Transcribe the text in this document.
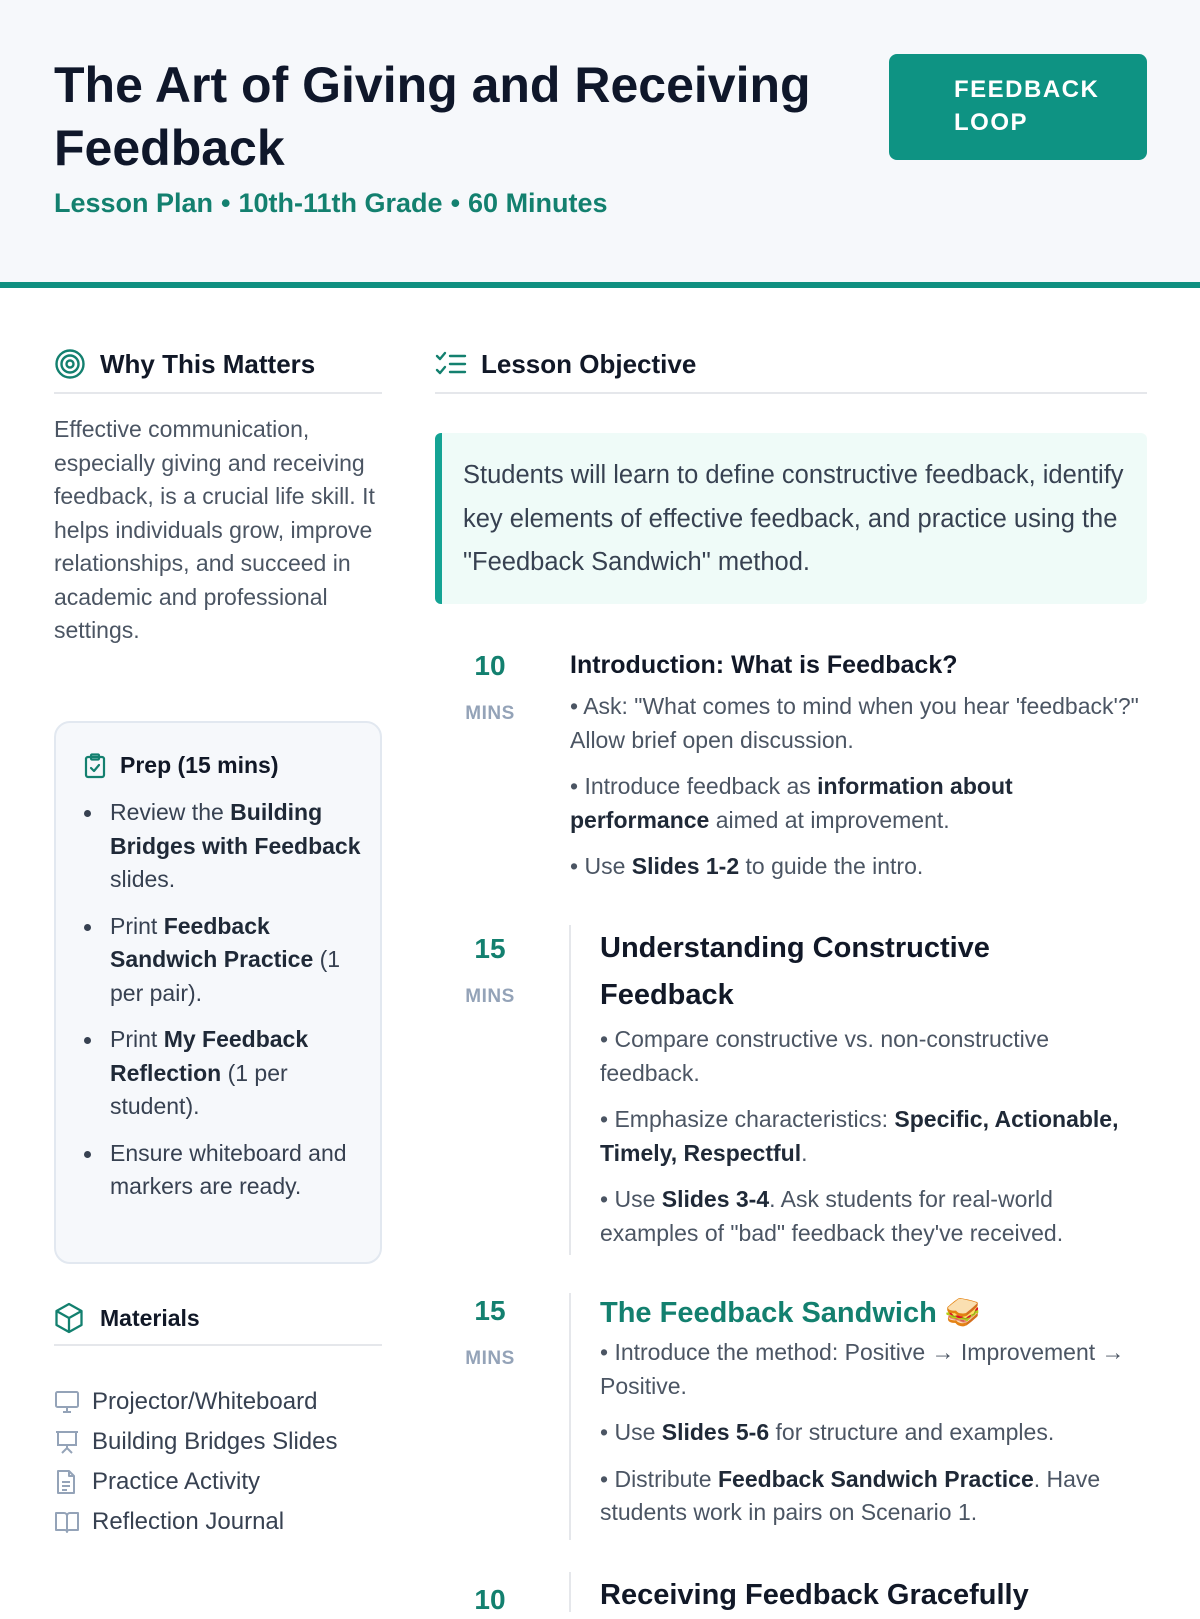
The Art of Giving and Receiving Feedback
Lesson Plan • 10th-11th Grade • 60 Minutes
FEEDBACK
LOOP
Why This Matters

Effective communication, especially giving and receiving feedback, is a crucial life skill. It helps individuals grow, improve relationships, and succeed in academic and professional settings.

Prep (15 mins)
Review the Building Bridges with Feedback slides.
Print Feedback Sandwich Practice (1 per pair).
Print My Feedback Reflection (1 per student).
Ensure whiteboard and markers are ready.
Materials
Projector/Whiteboard
Building Bridges Slides
Practice Activity
Reflection Journal
Lesson Objective
Students will learn to define constructive feedback, identify key elements of effective feedback, and practice using the "Feedback Sandwich" method.
10
MINS
Introduction: What is Feedback?

• Ask: "What comes to mind when you hear 'feedback'?" Allow brief open discussion.

• Introduce feedback as information about performance aimed at improvement.

• Use Slides 1-2 to guide the intro.

15
MINS
Understanding Constructive Feedback

• Compare constructive vs. non-constructive feedback.

• Emphasize characteristics: Specific, Actionable, Timely, Respectful.

• Use Slides 3-4. Ask students for real-world examples of "bad" feedback they've received.

15
MINS
The Feedback Sandwich 🥪

• Introduce the method: Positive → Improvement → Positive.

• Use Slides 5-6 for structure and examples.

• Distribute Feedback Sandwich Practice. Have students work in pairs on Scenario 1.

10	Receiving Feedback Gracefully
